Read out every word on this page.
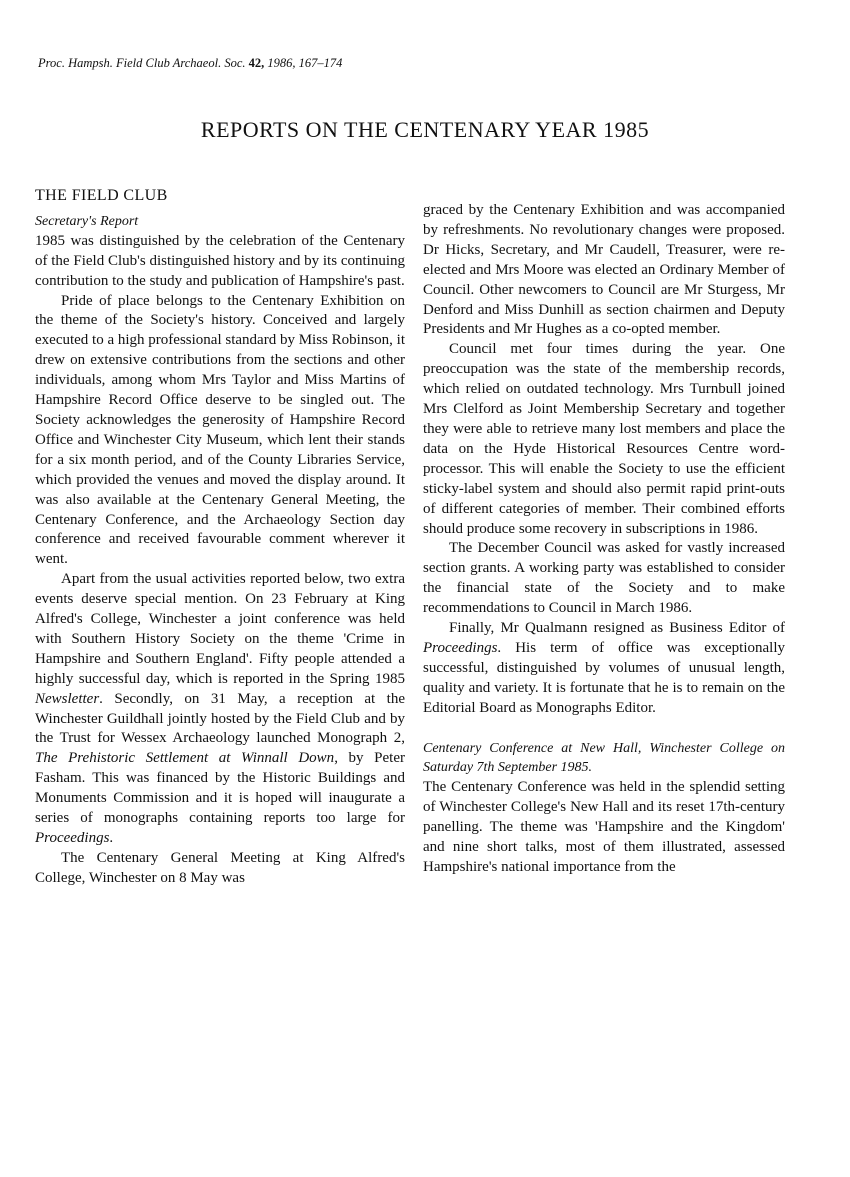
Proc. Hampsh. Field Club Archaeol. Soc. 42, 1986, 167–174
REPORTS ON THE CENTENARY YEAR 1985
THE FIELD CLUB

Secretary's Report

1985 was distinguished by the celebration of the Centenary of the Field Club's distinguished history and by its continuing contribution to the study and publication of Hampshire's past.

Pride of place belongs to the Centenary Exhibition on the theme of the Society's history. Conceived and largely executed to a high professional standard by Miss Robinson, it drew on extensive contributions from the sections and other individuals, among whom Mrs Taylor and Miss Martins of Hampshire Record Office deserve to be singled out. The Society acknowledges the generosity of Hampshire Record Office and Winchester City Museum, which lent their stands for a six month period, and of the County Libraries Service, which provided the venues and moved the display around. It was also available at the Centenary General Meeting, the Centenary Conference, and the Archaeology Section day conference and received favourable comment wherever it went.

Apart from the usual activities reported below, two extra events deserve special mention. On 23 February at King Alfred's College, Winchester a joint conference was held with Southern History Society on the theme 'Crime in Hampshire and Southern England'. Fifty people attended a highly successful day, which is reported in the Spring 1985 Newsletter. Secondly, on 31 May, a reception at the Winchester Guildhall jointly hosted by the Field Club and by the Trust for Wessex Archaeology launched Monograph 2, The Prehistoric Settlement at Winnall Down, by Peter Fasham. This was financed by the Historic Buildings and Monuments Commission and it is hoped will inaugurate a series of monographs containing reports too large for Proceedings.

The Centenary General Meeting at King Alfred's College, Winchester on 8 May was

graced by the Centenary Exhibition and was accompanied by refreshments. No revolutionary changes were proposed. Dr Hicks, Secretary, and Mr Caudell, Treasurer, were re-elected and Mrs Moore was elected an Ordinary Member of Council. Other newcomers to Council are Mr Sturgess, Mr Denford and Miss Dunhill as section chairmen and Deputy Presidents and Mr Hughes as a co-opted member.

Council met four times during the year. One preoccupation was the state of the membership records, which relied on outdated technology. Mrs Turnbull joined Mrs Clelford as Joint Membership Secretary and together they were able to retrieve many lost members and place the data on the Hyde Historical Resources Centre word-processor. This will enable the Society to use the efficient sticky-label system and should also permit rapid print-outs of different categories of member. Their combined efforts should produce some recovery in subscriptions in 1986.

The December Council was asked for vastly increased section grants. A working party was established to consider the financial state of the Society and to make recommendations to Council in March 1986.

Finally, Mr Qualmann resigned as Business Editor of Proceedings. His term of office was exceptionally successful, distinguished by volumes of unusual length, quality and variety. It is fortunate that he is to remain on the Editorial Board as Monographs Editor.

Centenary Conference at New Hall, Winchester College on Saturday 7th September 1985.

The Centenary Conference was held in the splendid setting of Winchester College's New Hall and its reset 17th-century panelling. The theme was 'Hampshire and the Kingdom' and nine short talks, most of them illustrated, assessed Hampshire's national importance from the
